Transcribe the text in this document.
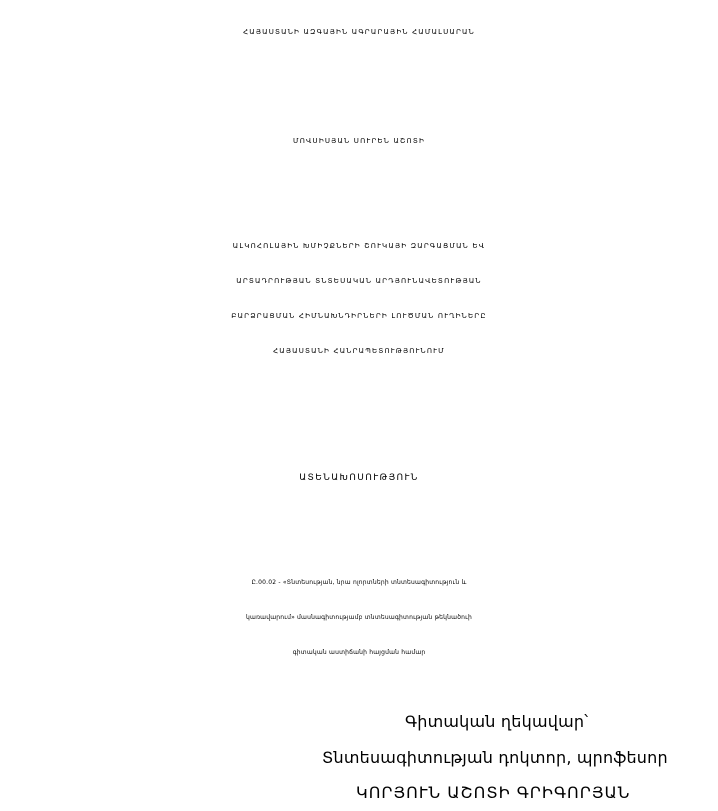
ՀԱՅԱՍՏԱՆԻ ԱԶԳԱՅԻՆ ԱԳՐԱՐԱՅԻՆ ՀԱՄԱԼՍԱՐԱՆ
ՄՈՎՍԻՍՅԱՆ ՍՈՒՐԵՆ ԱՇՈՏԻ
ԱԼԿՈՀՈԼԱՅԻՆ ԽՄԻՉՔՆԵՐԻ ՇՈՒԿԱՅԻ ԶԱՐԳԱՑՄԱՆ ԵՎ
ԱՐՏԱԴՐՈՒԹՅԱՆ ՏՆՏԵՍԱԿԱՆ ԱՐԴՅՈՒՆԱՎԵՏՈՒԹՅԱՆ
ԲԱՐՁՐԱՑՄԱՆ ՀԻՄՆԱԽՆԴԻՐՆԵՐԻ ԼՈՒԾՄԱՆ ՈՒՂԻՆԵՐԸ
ՀԱՅԱՍՏԱՆԻ ՀԱՆՐԱՊԵՏՈՒԹՅՈՒՆՈՒՄ
ԱՏԵՆԱԽՈՍՈՒԹՅՈՒՆ
Ը.00.02 - «Տնտեսության, նրա ոլորտների տնտեսագիտություն և
կառավարում» մասնագիտությամբ տնտեսագիտության թեկնածուի
գիտական աստիճանի հայցման համար
Գիտական ղեկավար՝
Տնտեսագիտության դոկտոր, պրոֆեսոր
ԿՈՐՅՈՒՆ ԱՇՈՏԻ ԳՐԻԳՈՐՅԱՆ
